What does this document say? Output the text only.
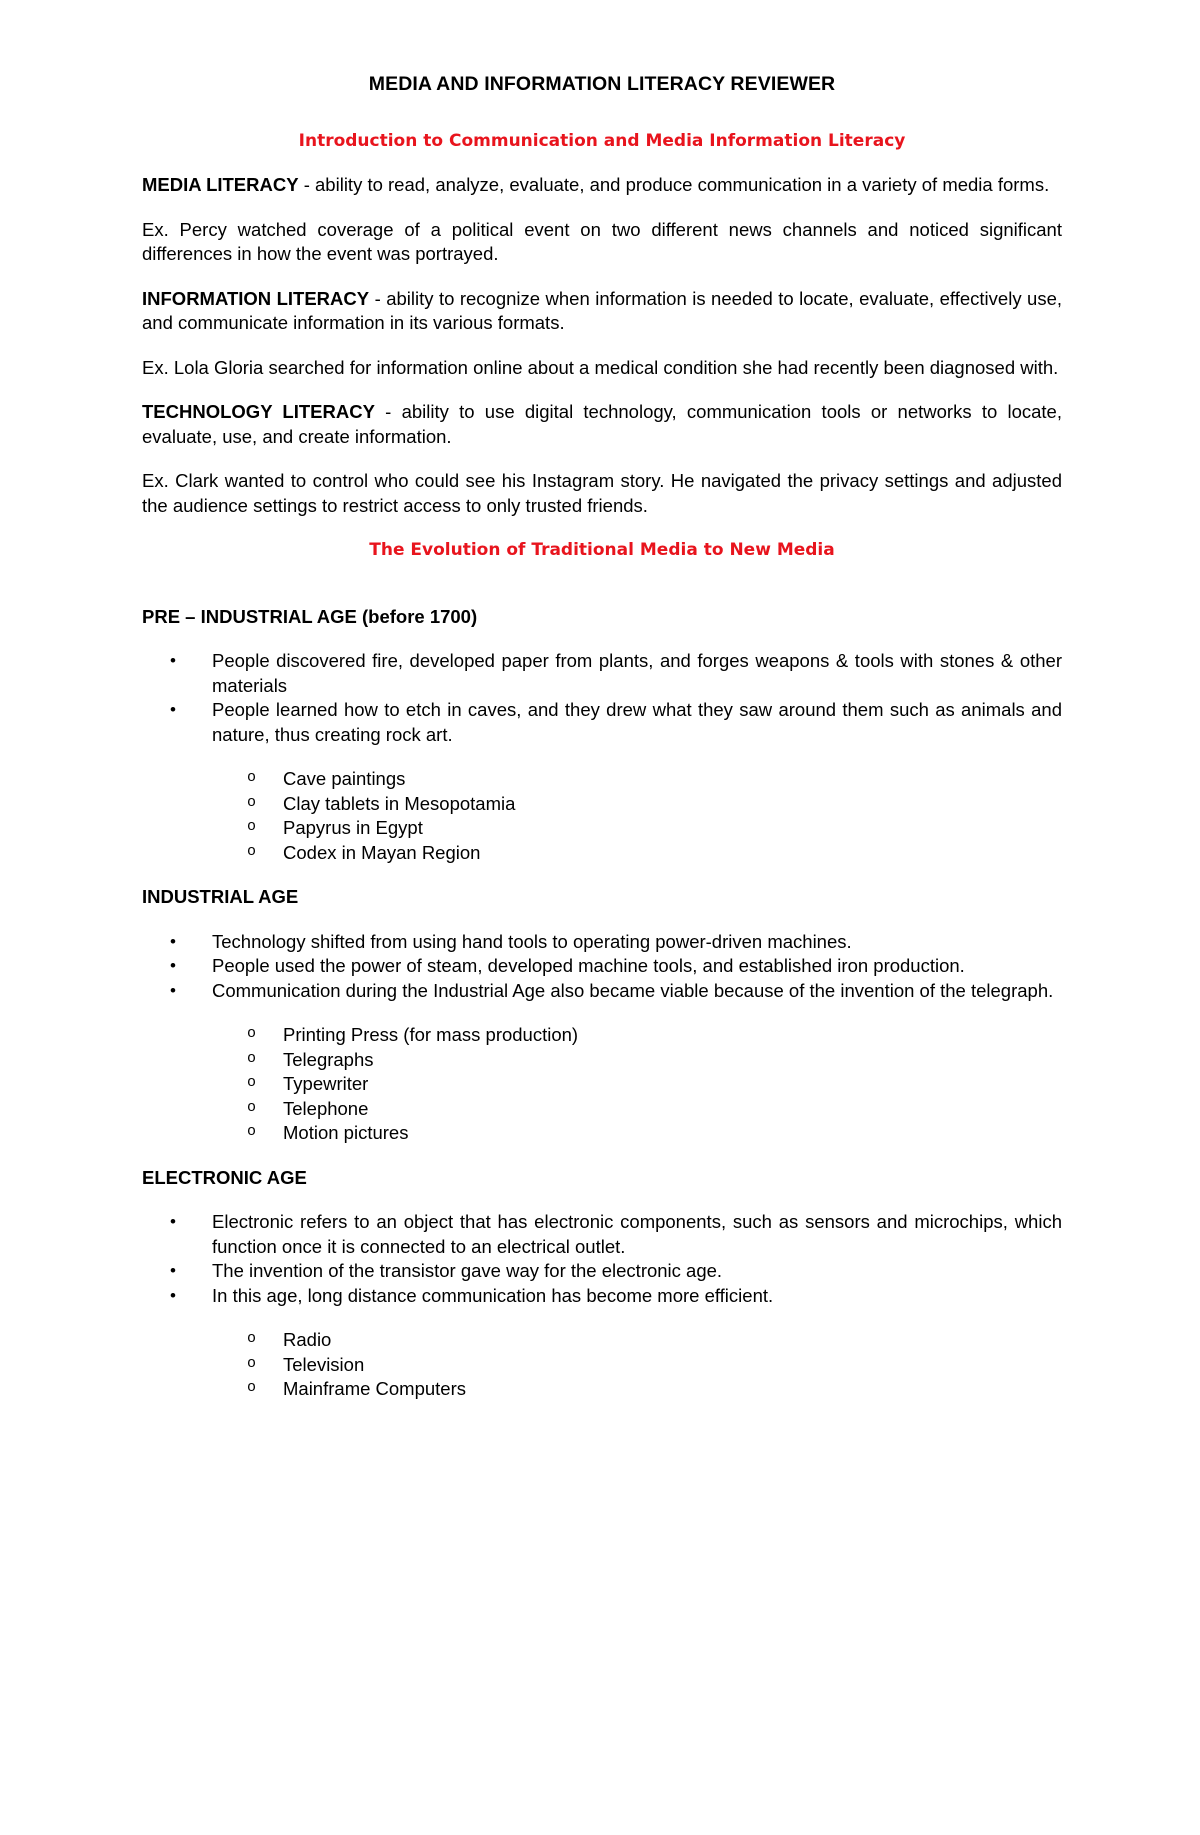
MEDIA AND INFORMATION LITERACY REVIEWER
Introduction to Communication and Media Information Literacy

MEDIA LITERACY - ability to read, analyze, evaluate, and produce communication in a variety of media forms.

Ex. Percy watched coverage of a political event on two different news channels and noticed significant differences in how the event was portrayed.

INFORMATION LITERACY - ability to recognize when information is needed to locate, evaluate, effectively use, and communicate information in its various formats.

Ex. Lola Gloria searched for information online about a medical condition she had recently been diagnosed with.

TECHNOLOGY LITERACY - ability to use digital technology, communication tools or networks to locate, evaluate, use, and create information.

Ex. Clark wanted to control who could see his Instagram story. He navigated the privacy settings and adjusted the audience settings to restrict access to only trusted friends.

The Evolution of Traditional Media to New Media

PRE – INDUSTRIAL AGE (before 1700)

• People discovered fire, developed paper from plants, and forges weapons & tools with stones & other materials
• People learned how to etch in caves, and they drew what they saw around them such as animals and nature, thus creating rock art.
o Cave paintings
o Clay tablets in Mesopotamia
o Papyrus in Egypt
o Codex in Mayan Region

INDUSTRIAL AGE

• Technology shifted from using hand tools to operating power-driven machines.
• People used the power of steam, developed machine tools, and established iron production.
• Communication during the Industrial Age also became viable because of the invention of the telegraph.
o Printing Press (for mass production)
o Telegraphs
o Typewriter
o Telephone
o Motion pictures

ELECTRONIC AGE

• Electronic refers to an object that has electronic components, such as sensors and microchips, which function once it is connected to an electrical outlet.
• The invention of the transistor gave way for the electronic age.
• In this age, long distance communication has become more efficient.
o Radio
o Television
o Mainframe Computers
